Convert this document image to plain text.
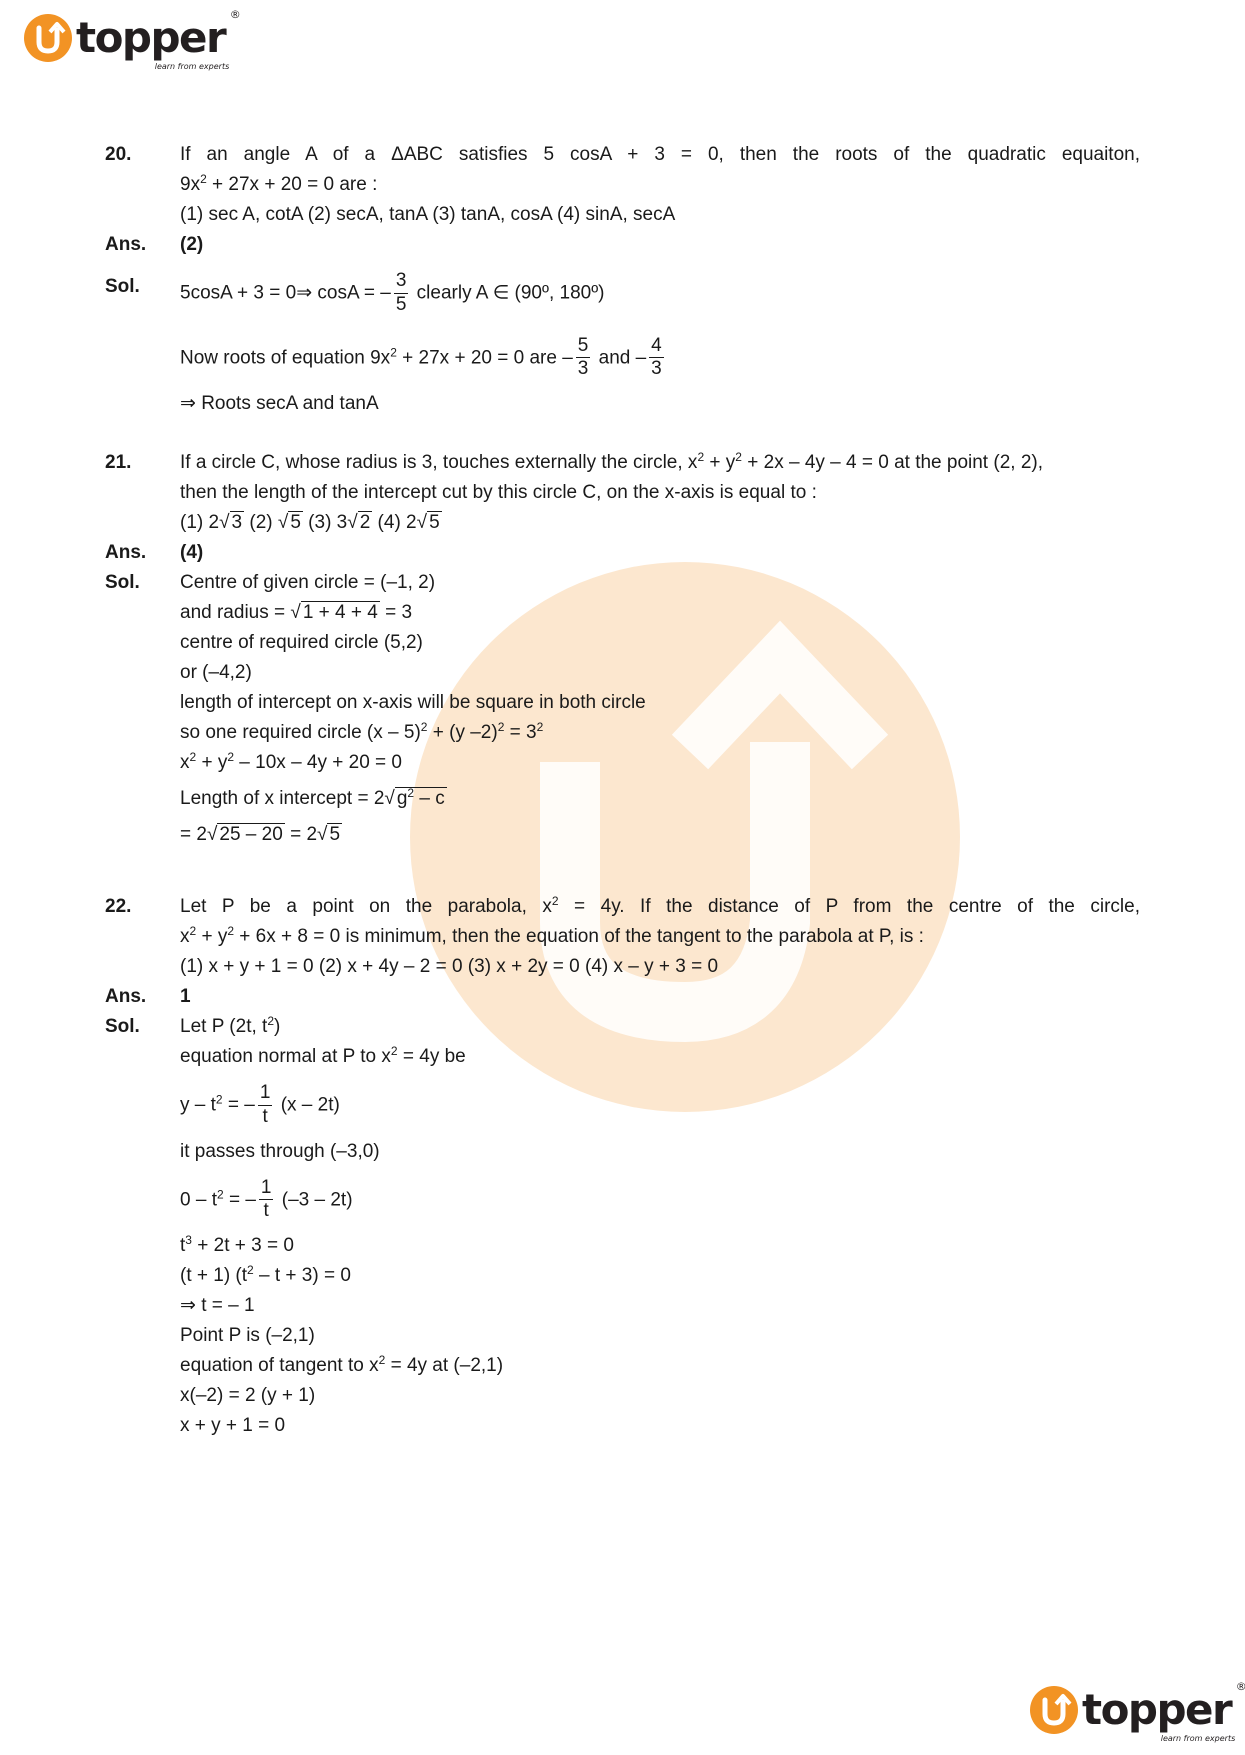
topper ®
learn from experts
20.	If an angle A of a ΔABC satisfies 5 cosA + 3 = 0, then the roots of the quadratic equaiton,
$9x^2 + 27x + 20 = 0$ are :
(1) sec A, cotA (2) secA, tanA (3) tanA, cosA (4) sinA, secA
Ans. (2)
Sol. 5cosA + 3 = 0⇒ cosA = – $\frac{3}{5}$ clearly A ∈ (90º, 180º)
Now roots of equation $9x^2 + 27x + 20 = 0$ are – $\frac{5}{3}$ and – $\frac{4}{3}$
⇒ Roots secA and tanA
21.	If a circle C, whose radius is 3, touches externally the circle, $x^2 + y^2 + 2x - 4y - 4 = 0$ at the point (2, 2),
then the length of the intercept cut by this circle C, on the x-axis is equal to :
(1) 2√ 3 (2) √ 5 (3) 3√ 2 (4) 2√ 5
Ans. (4)
Sol. Centre of given circle = (–1, 2)
and radius = √ 1 + 4 + 4 = 3
centre of required circle (5,2)
or (–4,2)
length of intercept on x-axis will be square in both circle
so one required circle (x – 5)$^2$ + (y $-2)^2 = 3^2$
$x^2 + y^2 - 10x - 4y + 20 = 0$
Length of x intercept = 2√ $g^2$ – c
= 2√ 25 – 20 = 2√ 5
22.	Let P be a point on the parabola, $x^2 = 4y$. If the distance of P from the centre of the circle,
$x^2 + y^2 + 6x + 8 = 0$ is minimum, then the equation of the tangent to the parabola at P, is :
(1) x + y + 1 = 0 (2) x + 4y – 2 = 0 (3) x + 2y = 0 (4) x – y + 3 = 0
Ans. 1
Sol. Let P (2t, $t^2$)
equation normal at P to $x^2 = 4y$ be
y – $t^2$ = – $\frac{1}{t} (x - 2t)$
it passes through (–3,0)
$0 - t^2$ = – $\frac{1}{t} (-3 - 2t)$
$t^3 + 2t + 3 = 0$
(t + 1) $(t^2 - t + 3) = 0$
⇒ t = – 1
Point P is (–2,1)
equation of tangent to $x^2 = 4y$ at (–2,1)
x(–2) = 2 (y + 1)
x + y + 1 = 0
topper ®
learn from experts
